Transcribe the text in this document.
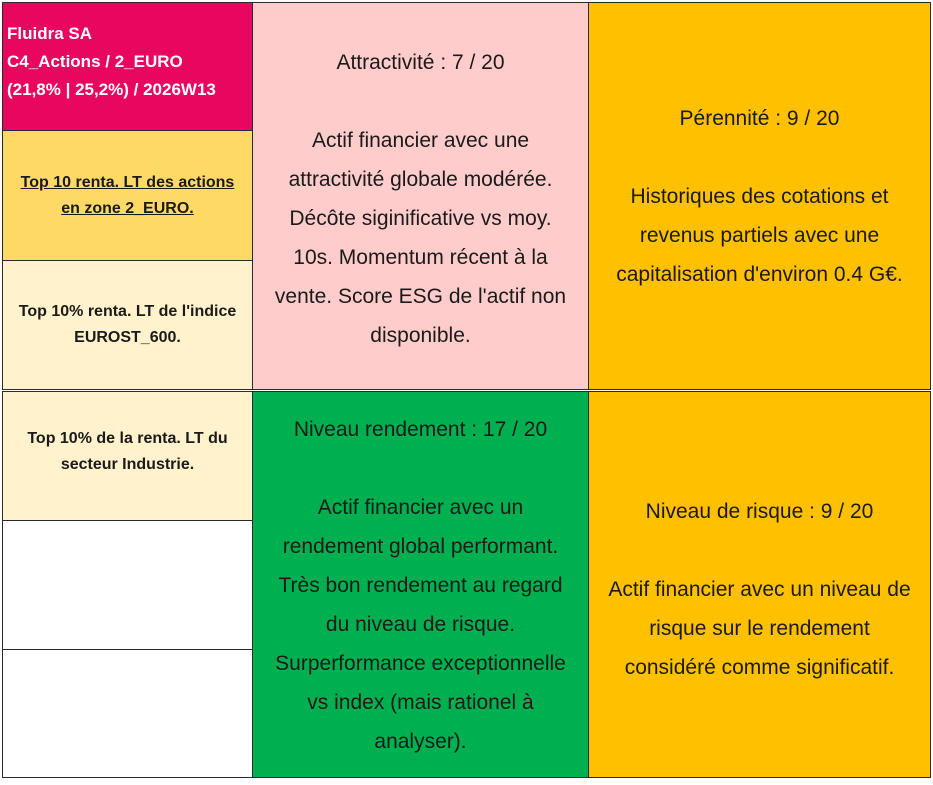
Fluidra SA
C4_Actions / 2_EURO
(21,8% | 25,2%) / 2026W13
Top 10 renta. LT des actions
en zone 2_EURO.
Top 10% renta. LT de l'indice
EUROST_600.
Top 10% de la renta. LT du
secteur Industrie.
Attractivité : 7 / 20
Actif financier avec une
attractivité globale modérée.
Décôte siginificative vs moy.
10s. Momentum récent à la
vente. Score ESG de l'actif non
disponible.
Niveau rendement : 17 / 20
Actif financier avec un
rendement global performant.
Très bon rendement au regard
du niveau de risque.
Surperformance exceptionnelle
vs index (mais rationel à
analyser).
Pérennité : 9 / 20
Historiques des cotations et
revenus partiels avec une
capitalisation d'environ 0.4 G€.
Niveau de risque : 9 / 20
Actif financier avec un niveau de
risque sur le rendement
considéré comme significatif.
